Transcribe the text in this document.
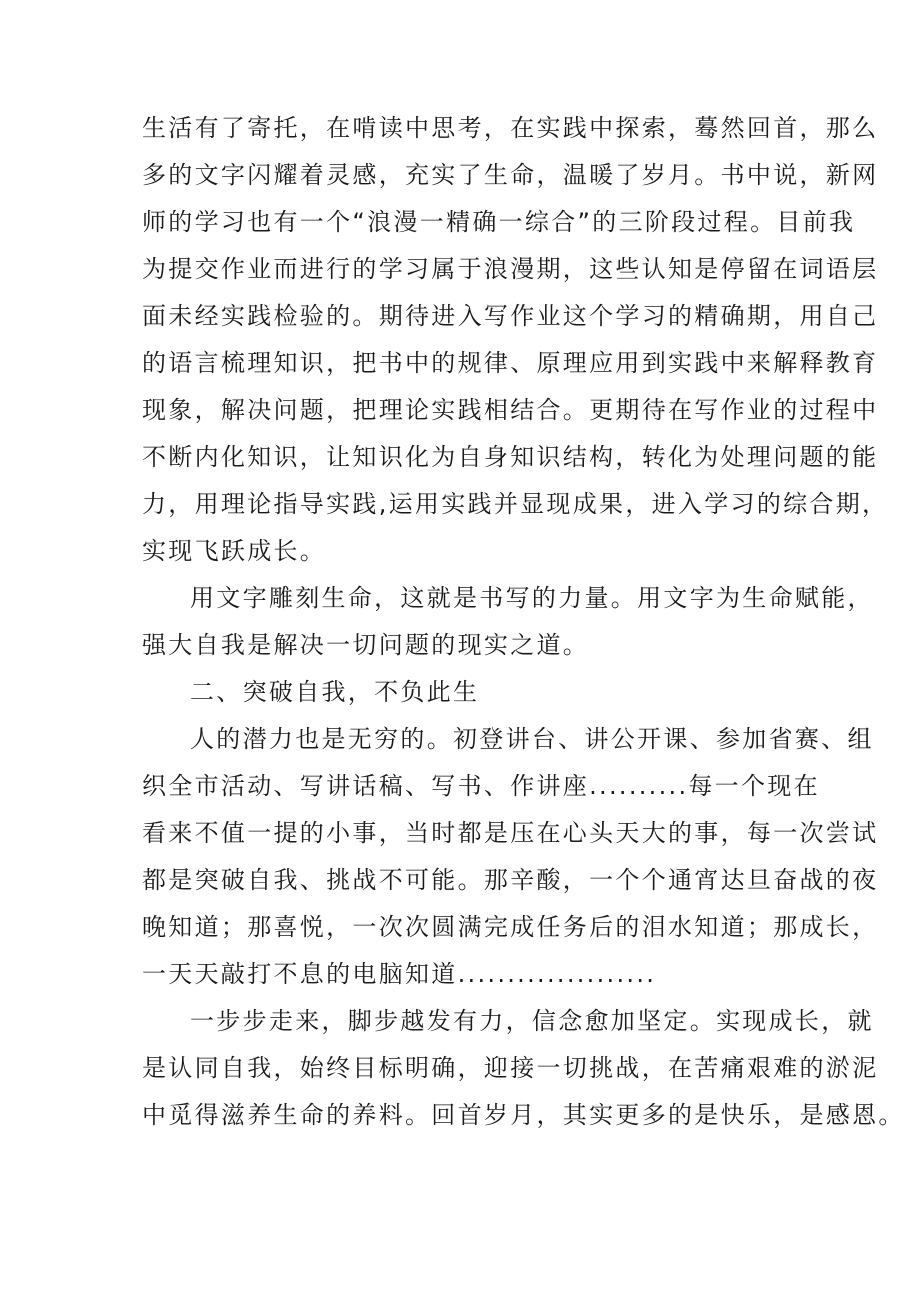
生活有了寄托，在啃读中思考，在实践中探索，蓦然回首，那么
多的文字闪耀着灵感，充实了生命，温暖了岁月。书中说，新网
师的学习也有一个“浪漫一精确一综合”的三阶段过程。目前我
为提交作业而进行的学习属于浪漫期，这些认知是停留在词语层
面未经实践检验的。期待进入写作业这个学习的精确期，用自己
的语言梳理知识，把书中的规律、原理应用到实践中来解释教育
现象，解决问题，把理论实践相结合。更期待在写作业的过程中
不断内化知识，让知识化为自身知识结构，转化为处理问题的能
力，用理论指导实践,运用实践并显现成果，进入学习的综合期，
实现飞跃成长。
用文字雕刻生命，这就是书写的力量。用文字为生命赋能，
强大自我是解决一切问题的现实之道。
二、突破自我，不负此生
人的潜力也是无穷的。初登讲台、讲公开课、参加省赛、组
织全市活动、写讲话稿、写书、作讲座..........每一个现在
看来不值一提的小事，当时都是压在心头天大的事，每一次尝试
都是突破自我、挑战不可能。那辛酸，一个个通宵达旦奋战的夜
晚知道；那喜悦，一次次圆满完成任务后的泪水知道；那成长，
一天天敲打不息的电脑知道....................
一步步走来，脚步越发有力，信念愈加坚定。实现成长，就
是认同自我，始终目标明确，迎接一切挑战，在苦痛艰难的淤泥
中觅得滋养生命的养料。回首岁月，其实更多的是快乐，是感恩。
